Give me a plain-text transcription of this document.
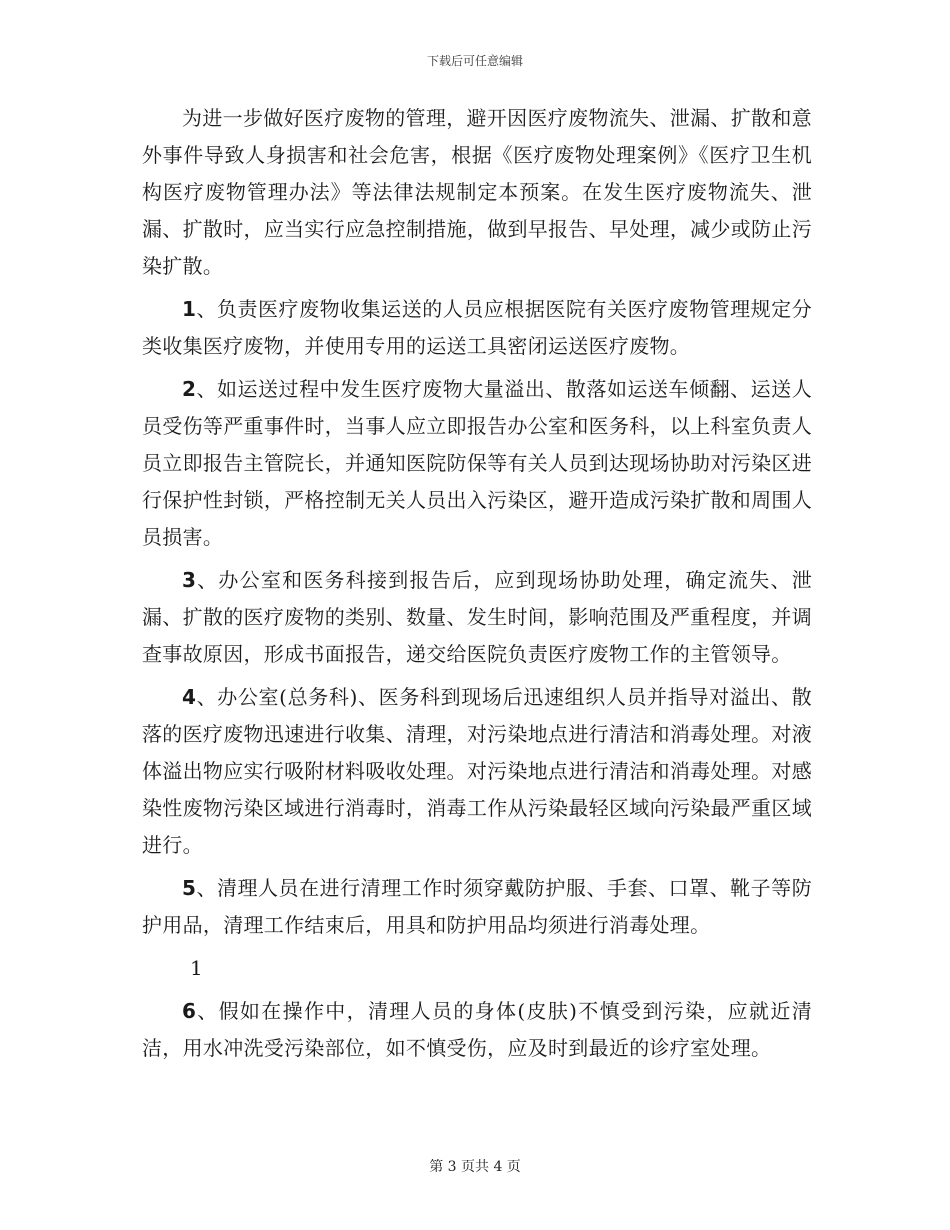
下载后可任意编辑

为进一步做好医疗废物的管理，避开因医疗废物流失、泄漏、扩散和意外事件导致人身损害和社会危害，根据《医疗废物处理案例》《医疗卫生机构医疗废物管理办法》等法律法规制定本预案。在发生医疗废物流失、泄漏、扩散时，应当实行应急控制措施，做到早报告、早处理，减少或防止污染扩散。

1、负责医疗废物收集运送的人员应根据医院有关医疗废物管理规定分类收集医疗废物，并使用专用的运送工具密闭运送医疗废物。

2、如运送过程中发生医疗废物大量溢出、散落如运送车倾翻、运送人员受伤等严重事件时，当事人应立即报告办公室和医务科，以上科室负责人员立即报告主管院长，并通知医院防保等有关人员到达现场协助对污染区进行保护性封锁，严格控制无关人员出入污染区，避开造成污染扩散和周围人员损害。

3、办公室和医务科接到报告后，应到现场协助处理，确定流失、泄漏、扩散的医疗废物的类别、数量、发生时间，影响范围及严重程度，并调查事故原因，形成书面报告，递交给医院负责医疗废物工作的主管领导。

4、办公室(总务科)、医务科到现场后迅速组织人员并指导对溢出、散落的医疗废物迅速进行收集、清理，对污染地点进行清洁和消毒处理。对液体溢出物应实行吸附材料吸收处理。对污染地点进行清洁和消毒处理。对感染性废物污染区域进行消毒时，消毒工作从污染最轻区域向污染最严重区域进行。

5、清理人员在进行清理工作时须穿戴防护服、手套、口罩、靴子等防护用品，清理工作结束后，用具和防护用品均须进行消毒处理。

1

6、假如在操作中，清理人员的身体(皮肤)不慎受到污染，应就近清洁，用水冲洗受污染部位，如不慎受伤，应及时到最近的诊疗室处理。

第 3 页共 4 页
